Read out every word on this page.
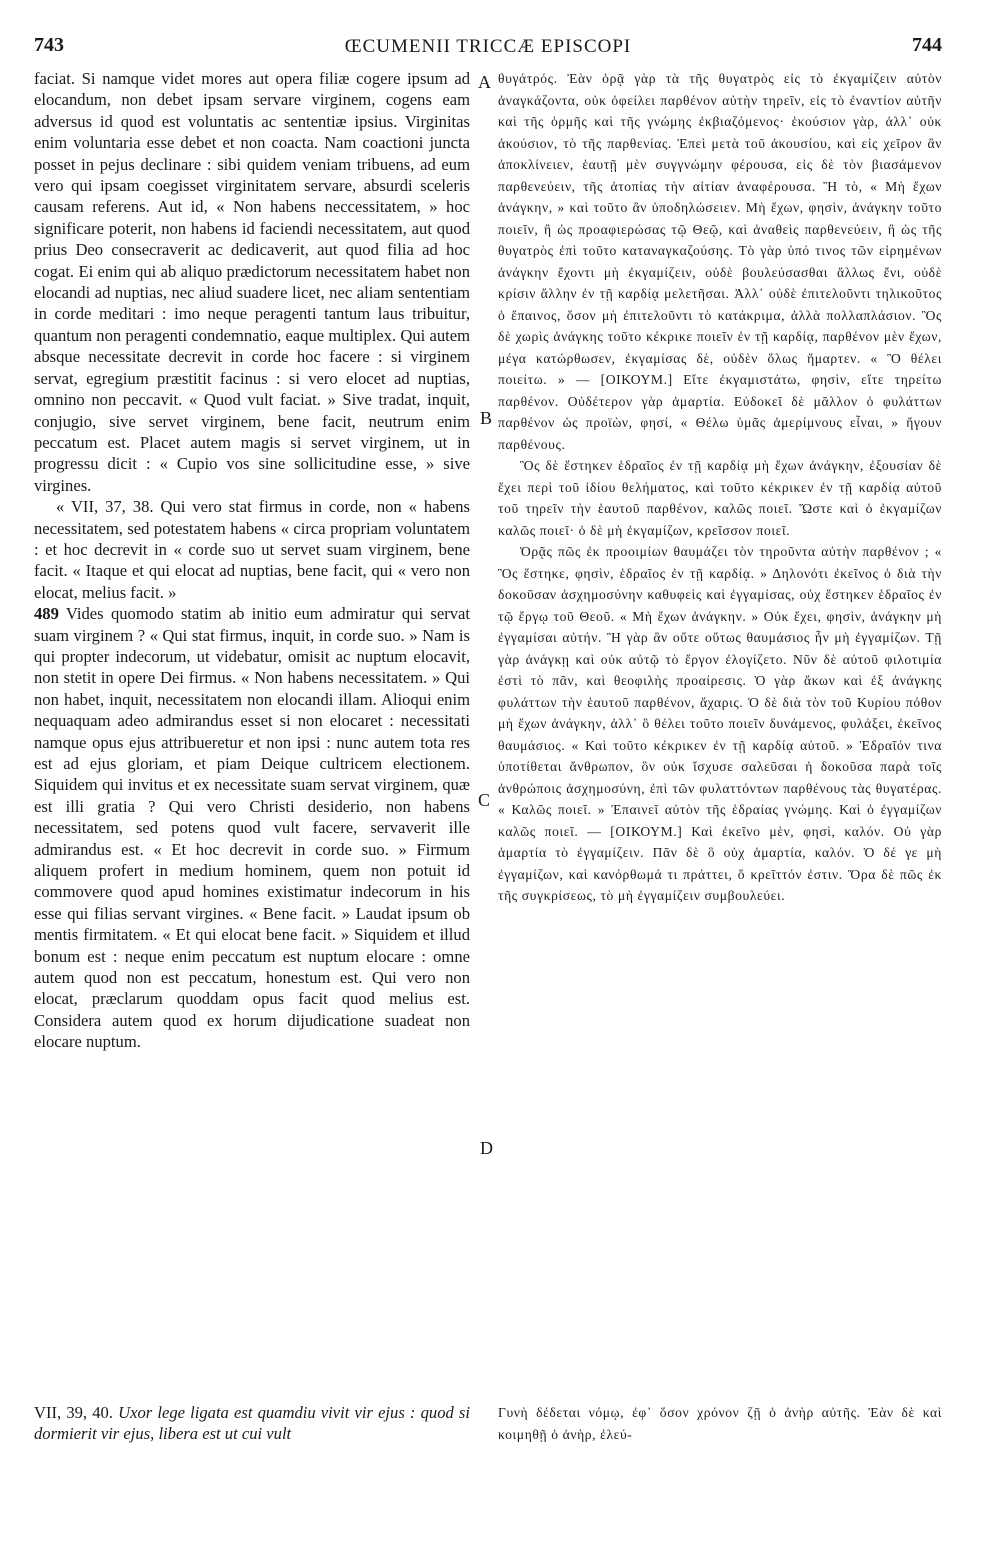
743	ŒCUMENII TRICCÆ EPISCOPI	744
A
B
C
D

faciat. Si namque videt mores aut opera filiæ cogere ipsum ad elocandum, non debet ipsam servare virginem, cogens eam adversus id quod est voluntatis ac sententiæ ipsius. Virginitas enim voluntaria esse debet et non coacta. Nam coactioni juncta posset in pejus declinare : sibi quidem veniam tribuens, ad eum vero qui ipsam coegisset virginitatem servare, absurdi sceleris causam referens. Aut id, « Non habens neccessitatem, » hoc significare poterit, non habens id faciendi necessitatem, aut quod prius Deo consecraverit ac dedicaverit, aut quod filia ad hoc cogat. Ei enim qui ab aliquo prædictorum necessitatem habet non elocandi ad nuptias, nec aliud suadere licet, nec aliam sententiam in corde meditari : imo neque peragenti tantum laus tribuitur, quantum non peragenti condemnatio, eaque multiplex. Qui autem absque necessitate decrevit in corde hoc facere : si virginem servat, egregium præstitit facinus : si vero elocet ad nuptias, omnino non peccavit. « Quod vult faciat. » Sive tradat, inquit, conjugio, sive servet virginem, bene facit, neutrum enim peccatum est. Placet autem magis si servet virginem, ut in progressu dicit : « Cupio vos sine sollicitudine esse, » sive virgines.

« VII, 37, 38. Qui vero stat firmus in corde, non « habens necessitatem, sed potestatem habens « circa propriam voluntatem : et hoc decrevit in « corde suo ut servet suam virginem, bene facit. « Itaque et qui elocat ad nuptias, bene facit, qui « vero non elocat, melius facit. »

489 Vides quomodo statim ab initio eum admiratur qui servat suam virginem ? « Qui stat firmus, inquit, in corde suo. » Nam is qui propter indecorum, ut videbatur, omisit ac nuptum elocavit, non stetit in opere Dei firmus. « Non habens necessitatem. » Qui non habet, inquit, necessitatem non elocandi illam. Alioqui enim nequaquam adeo admirandus esset si non elocaret : necessitati namque opus ejus attribueretur et non ipsi : nunc autem tota res est ad ejus gloriam, et piam Deique cultricem electionem. Siquidem qui invitus et ex necessitate suam servat virginem, quæ est illi gratia ? Qui vero Christi desiderio, non habens necessitatem, sed potens quod vult facere, servaverit ille admirandus est. « Et hoc decrevit in corde suo. » Firmum aliquem profert in medium hominem, quem non potuit id commovere quod apud homines existimatur indecorum in his esse qui filias servant virgines. « Bene facit. » Laudat ipsum ob mentis firmitatem. « Et qui elocat bene facit. » Siquidem et illud bonum est : neque enim peccatum est nuptum elocare : omne autem quod non est peccatum, honestum est. Qui vero non elocat, præclarum quoddam opus facit quod melius est. Considera autem quod ex horum dijudicatione suadeat non elocare nuptum.

VII, 39, 40. Uxor lege ligata est quamdiu vivit vir ejus : quod si dormierit vir ejus, libera est ut cui vult

θυγάτρός. Ἐὰν ὁρᾷ γὰρ τὰ τῆς θυγατρὸς εἰς τὸ ἐκγαμίζειν αὐτὸν ἀναγκάζοντα, οὐκ ὀφείλει παρθένον αὐτὴν τηρεῖν, εἰς τὸ ἐναντίον αὐτῆν καὶ τῆς ὁρμῆς καὶ τῆς γνώμης ἐκβιαζόμενος· ἑκούσιον γὰρ, ἀλλ᾽ οὐκ ἀκούσιον, τὸ τῆς παρθενίας. Ἐπεὶ μετὰ τοῦ ἀκουσίου, καὶ εἰς χεῖρον ἂν ἀποκλίνειεν, ἑαυτῇ μὲν συγγνώμην φέρουσα, εἰς δὲ τὸν βιασάμενον παρθενεύειν, τῆς ἀτοπίας τὴν αἰτίαν ἀναφέρουσα. Ἢ τὸ, « Μὴ ἔχων ἀνάγκην, » καὶ τοῦτο ἂν ὑποδηλώσειεν. Μὴ ἔχων, φησὶν, ἀνάγκην τοῦτο ποιεῖν, ἢ ὡς προαφιερώσας τῷ Θεῷ, καὶ ἀναθεὶς παρθενεύειν, ἢ ὡς τῆς θυγατρὸς ἐπὶ τοῦτο καταναγκαζούσης. Τὸ γὰρ ὑπό τινος τῶν εἰρημένων ἀνάγκην ἔχοντι μὴ ἐκγαμίζειν, οὐδὲ βουλεύσασθαι ἄλλως ἔνι, οὐδὲ κρίσιν ἄλλην ἐν τῇ καρδίᾳ μελετῆσαι. Ἀλλ᾽ οὐδὲ ἐπιτελοῦντι τηλικοῦτος ὁ ἔπαινος, ὅσον μὴ ἐπιτελοῦντι τὸ κατάκριμα, ἀλλὰ πολλαπλάσιον. Ὃς δὲ χωρὶς ἀνάγκης τοῦτο κέκρικε ποιεῖν ἐν τῇ καρδίᾳ, παρθένον μὲν ἔχων, μέγα κατώρθωσεν, ἐκγαμίσας δὲ, οὐδὲν ὅλως ἥμαρτεν. « Ὃ θέλει ποιείτω. » — [ΟΙΚΟΥΜ.] Εἴτε ἐκγαμιστάτω, φησὶν, εἴτε τηρείτω παρθένον. Οὐδέτερον γὰρ ἁμαρτία. Εὐδοκεῖ δὲ μᾶλλον ὁ φυλάττων παρθένον ὡς προϊὼν, φησί, « Θέλω ὑμᾶς ἀμερίμνους εἶναι, » ἤγουν παρθένους.

Ὃς δὲ ἕστηκεν ἑδραῖος ἐν τῇ καρδίᾳ μὴ ἔχων ἀνάγκην, ἐξουσίαν δὲ ἔχει περὶ τοῦ ἰδίου θελήματος, καὶ τοῦτο κέκρικεν ἐν τῇ καρδίᾳ αὐτοῦ τοῦ τηρεῖν τὴν ἑαυτοῦ παρθένον, καλῶς ποιεῖ. Ὥστε καὶ ὁ ἐκγαμίζων καλῶς ποιεῖ· ὁ δὲ μὴ ἐκγαμίζων, κρεῖσσον ποιεῖ.

Ὁρᾷς πῶς ἐκ προοιμίων θαυμάζει τὸν τηροῦντα αὐτὴν παρθένον ; « Ὃς ἕστηκε, φησὶν, ἑδραῖος ἐν τῇ καρδίᾳ. » Δηλονότι ἐκεῖνος ὁ διὰ τὴν δοκοῦσαν ἀσχημοσύνην καθυφεὶς καὶ ἐγγαμίσας, οὐχ ἕστηκεν ἑδραῖος ἐν τῷ ἔργῳ τοῦ Θεοῦ. « Μὴ ἔχων ἀνάγκην. » Οὐκ ἔχει, φησὶν, ἀνάγκην μὴ ἐγγαμίσαι αὐτήν. Ἢ γὰρ ἂν οὔτε οὕτως θαυμάσιος ἦν μὴ ἐγγαμίζων. Τῇ γὰρ ἀνάγκῃ καὶ οὐκ αὐτῷ τὸ ἔργον ἐλογίζετο. Νῦν δὲ αὐτοῦ φιλοτιμία ἐστὶ τὸ πᾶν, καὶ θεοφιλὴς προαίρεσις. Ὁ γὰρ ἄκων καὶ ἐξ ἀνάγκης φυλάττων τὴν ἑαυτοῦ παρθένον, ἄχαρις. Ὁ δὲ διὰ τὸν τοῦ Κυρίου πόθον μὴ ἔχων ἀνάγκην, ἀλλ᾽ ὃ θέλει τοῦτο ποιεῖν δυνάμενος, φυλάξει, ἐκεῖνος θαυμάσιος. « Καὶ τοῦτο κέκρικεν ἐν τῇ καρδίᾳ αὐτοῦ. » Ἑδραῖόν τινα ὑποτίθεται ἄνθρωπον, ὃν οὐκ ἴσχυσε σαλεῦσαι ἡ δοκοῦσα παρὰ τοῖς ἀνθρώποις ἀσχημοσύνη, ἐπὶ τῶν φυλαττόντων παρθένους τὰς θυγατέρας. « Καλῶς ποιεῖ. » Ἐπαινεῖ αὐτὸν τῆς ἑδραίας γνώμης. Καὶ ὁ ἐγγαμίζων καλῶς ποιεῖ. — [ΟΙΚΟΥΜ.] Καὶ ἐκεῖνο μὲν, φησὶ, καλόν. Οὐ γὰρ ἁμαρτία τὸ ἐγγαμίζειν. Πᾶν δὲ ὃ οὐχ ἁμαρτία, καλόν. Ὁ δέ γε μὴ ἐγγαμίζων, καὶ κανόρθωμά τι πράττει, ὅ κρεῖττόν ἐστιν. Ὅρα δὲ πῶς ἐκ τῆς συγκρίσεως, τὸ μὴ ἐγγαμίζειν συμβουλεύει.

Γυνὴ δέδεται νόμῳ, ἐφ᾽ ὅσον χρόνον ζῇ ὁ ἀνὴρ αὐτῆς. Ἐὰν δὲ καὶ κοιμηθῇ ὁ ἀνὴρ, ἐλεύ-
